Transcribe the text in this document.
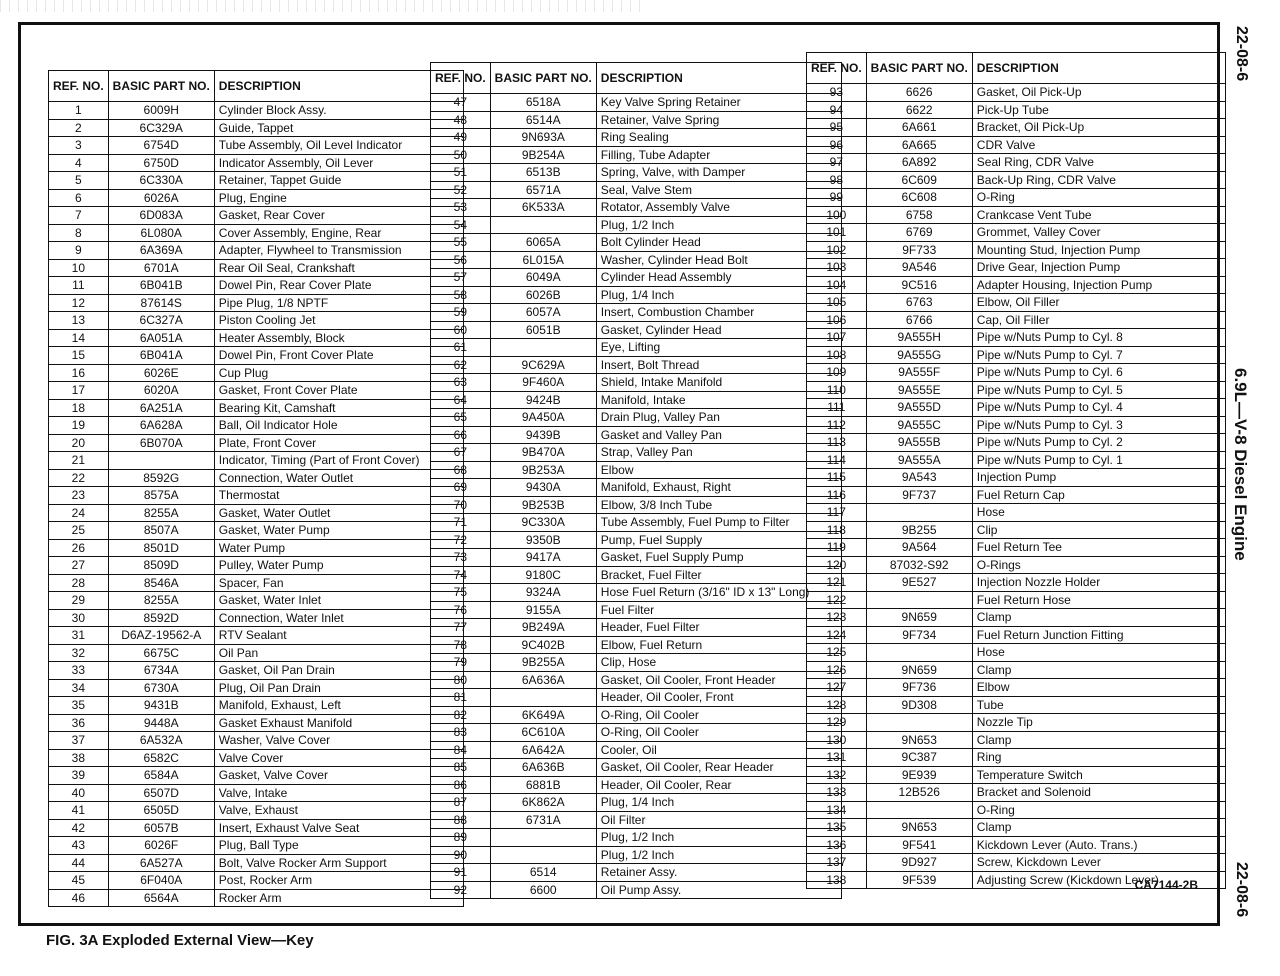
REF. NO.	BASIC PART NO.	DESCRIPTION
1	6009H	Cylinder Block Assy.
2	6C329A	Guide, Tappet
3	6754D	Tube Assembly, Oil Level Indicator
4	6750D	Indicator Assembly, Oil Lever
5	6C330A	Retainer, Tappet Guide
6	6026A	Plug, Engine
7	6D083A	Gasket, Rear Cover
8	6L080A	Cover Assembly, Engine, Rear
9	6A369A	Adapter, Flywheel to Transmission
10	6701A	Rear Oil Seal, Crankshaft
11	6B041B	Dowel Pin, Rear Cover Plate
12	87614S	Pipe Plug, 1/8 NPTF
13	6C327A	Piston Cooling Jet
14	6A051A	Heater Assembly, Block
15	6B041A	Dowel Pin, Front Cover Plate
16	6026E	Cup Plug
17	6020A	Gasket, Front Cover Plate
18	6A251A	Bearing Kit, Camshaft
19	6A628A	Ball, Oil Indicator Hole
20	6B070A	Plate, Front Cover
21		Indicator, Timing (Part of Front Cover)
22	8592G	Connection, Water Outlet
23	8575A	Thermostat
24	8255A	Gasket, Water Outlet
25	8507A	Gasket, Water Pump
26	8501D	Water Pump
27	8509D	Pulley, Water Pump
28	8546A	Spacer, Fan
29	8255A	Gasket, Water Inlet
30	8592D	Connection, Water Inlet
31	D6AZ-19562-A	RTV Sealant
32	6675C	Oil Pan
33	6734A	Gasket, Oil Pan Drain
34	6730A	Plug, Oil Pan Drain
35	9431B	Manifold, Exhaust, Left
36	9448A	Gasket Exhaust Manifold
37	6A532A	Washer, Valve Cover
38	6582C	Valve Cover
39	6584A	Gasket, Valve Cover
40	6507D	Valve, Intake
41	6505D	Valve, Exhaust
42	6057B	Insert, Exhaust Valve Seat
43	6026F	Plug, Ball Type
44	6A527A	Bolt, Valve Rocker Arm Support
45	6F040A	Post, Rocker Arm
46	6564A	Rocker Arm
REF. NO.	BASIC PART NO.	DESCRIPTION
47	6518A	Key Valve Spring Retainer
48	6514A	Retainer, Valve Spring
49	9N693A	Ring Sealing
50	9B254A	Filling, Tube Adapter
51	6513B	Spring, Valve, with Damper
52	6571A	Seal, Valve Stem
53	6K533A	Rotator, Assembly Valve
54		Plug, 1/2 Inch
55	6065A	Bolt Cylinder Head
56	6L015A	Washer, Cylinder Head Bolt
57	6049A	Cylinder Head Assembly
58	6026B	Plug, 1/4 Inch
59	6057A	Insert, Combustion Chamber
60	6051B	Gasket, Cylinder Head
61		Eye, Lifting
62	9C629A	Insert, Bolt Thread
63	9F460A	Shield, Intake Manifold
64	9424B	Manifold, Intake
65	9A450A	Drain Plug, Valley Pan
66	9439B	Gasket and Valley Pan
67	9B470A	Strap, Valley Pan
68	9B253A	Elbow
69	9430A	Manifold, Exhaust, Right
70	9B253B	Elbow, 3/8 Inch Tube
71	9C330A	Tube Assembly, Fuel Pump to Filter
72	9350B	Pump, Fuel Supply
73	9417A	Gasket, Fuel Supply Pump
74	9180C	Bracket, Fuel Filter
75	9324A	Hose Fuel Return (3/16" ID x 13" Long)
76	9155A	Fuel Filter
77	9B249A	Header, Fuel Filter
78	9C402B	Elbow, Fuel Return
79	9B255A	Clip, Hose
80	6A636A	Gasket, Oil Cooler, Front Header
81		Header, Oil Cooler, Front
82	6K649A	O-Ring, Oil Cooler
83	6C610A	O-Ring, Oil Cooler
84	6A642A	Cooler, Oil
85	6A636B	Gasket, Oil Cooler, Rear Header
86	6881B	Header, Oil Cooler, Rear
87	6K862A	Plug, 1/4 Inch
88	6731A	Oil Filter
89		Plug, 1/2 Inch
90		Plug, 1/2 Inch
91	6514	Retainer Assy.
92	6600	Oil Pump Assy.
REF. NO.	BASIC PART NO.	DESCRIPTION
93	6626	Gasket, Oil Pick-Up
94	6622	Pick-Up Tube
95	6A661	Bracket, Oil Pick-Up
96	6A665	CDR Valve
97	6A892	Seal Ring, CDR Valve
98	6C609	Back-Up Ring, CDR Valve
99	6C608	O-Ring
100	6758	Crankcase Vent Tube
101	6769	Grommet, Valley Cover
102	9F733	Mounting Stud, Injection Pump
103	9A546	Drive Gear, Injection Pump
104	9C516	Adapter Housing, Injection Pump
105	6763	Elbow, Oil Filler
106	6766	Cap, Oil Filler
107	9A555H	Pipe w/Nuts Pump to Cyl. 8
108	9A555G	Pipe w/Nuts Pump to Cyl. 7
109	9A555F	Pipe w/Nuts Pump to Cyl. 6
110	9A555E	Pipe w/Nuts Pump to Cyl. 5
111	9A555D	Pipe w/Nuts Pump to Cyl. 4
112	9A555C	Pipe w/Nuts Pump to Cyl. 3
113	9A555B	Pipe w/Nuts Pump to Cyl. 2
114	9A555A	Pipe w/Nuts Pump to Cyl. 1
115	9A543	Injection Pump
116	9F737	Fuel Return Cap
117		Hose
118	9B255	Clip
119	9A564	Fuel Return Tee
120	87032-S92	O-Rings
121	9E527	Injection Nozzle Holder
122		Fuel Return Hose
123	9N659	Clamp
124	9F734	Fuel Return Junction Fitting
125		Hose
126	9N659	Clamp
127	9F736	Elbow
128	9D308	Tube
129		Nozzle Tip
130	9N653	Clamp
131	9C387	Ring
132	9E939	Temperature Switch
133	12B526	Bracket and Solenoid
134		O-Ring
135	9N653	Clamp
136	9F541	Kickdown Lever (Auto. Trans.)
137	9D927	Screw, Kickdown Lever
138	9F539	Adjusting Screw (Kickdown Lever)
CA7144-2B
22-08-6
6.9L—V-8 Diesel Engine
22-08-6
FIG. 3A Exploded External View—Key
